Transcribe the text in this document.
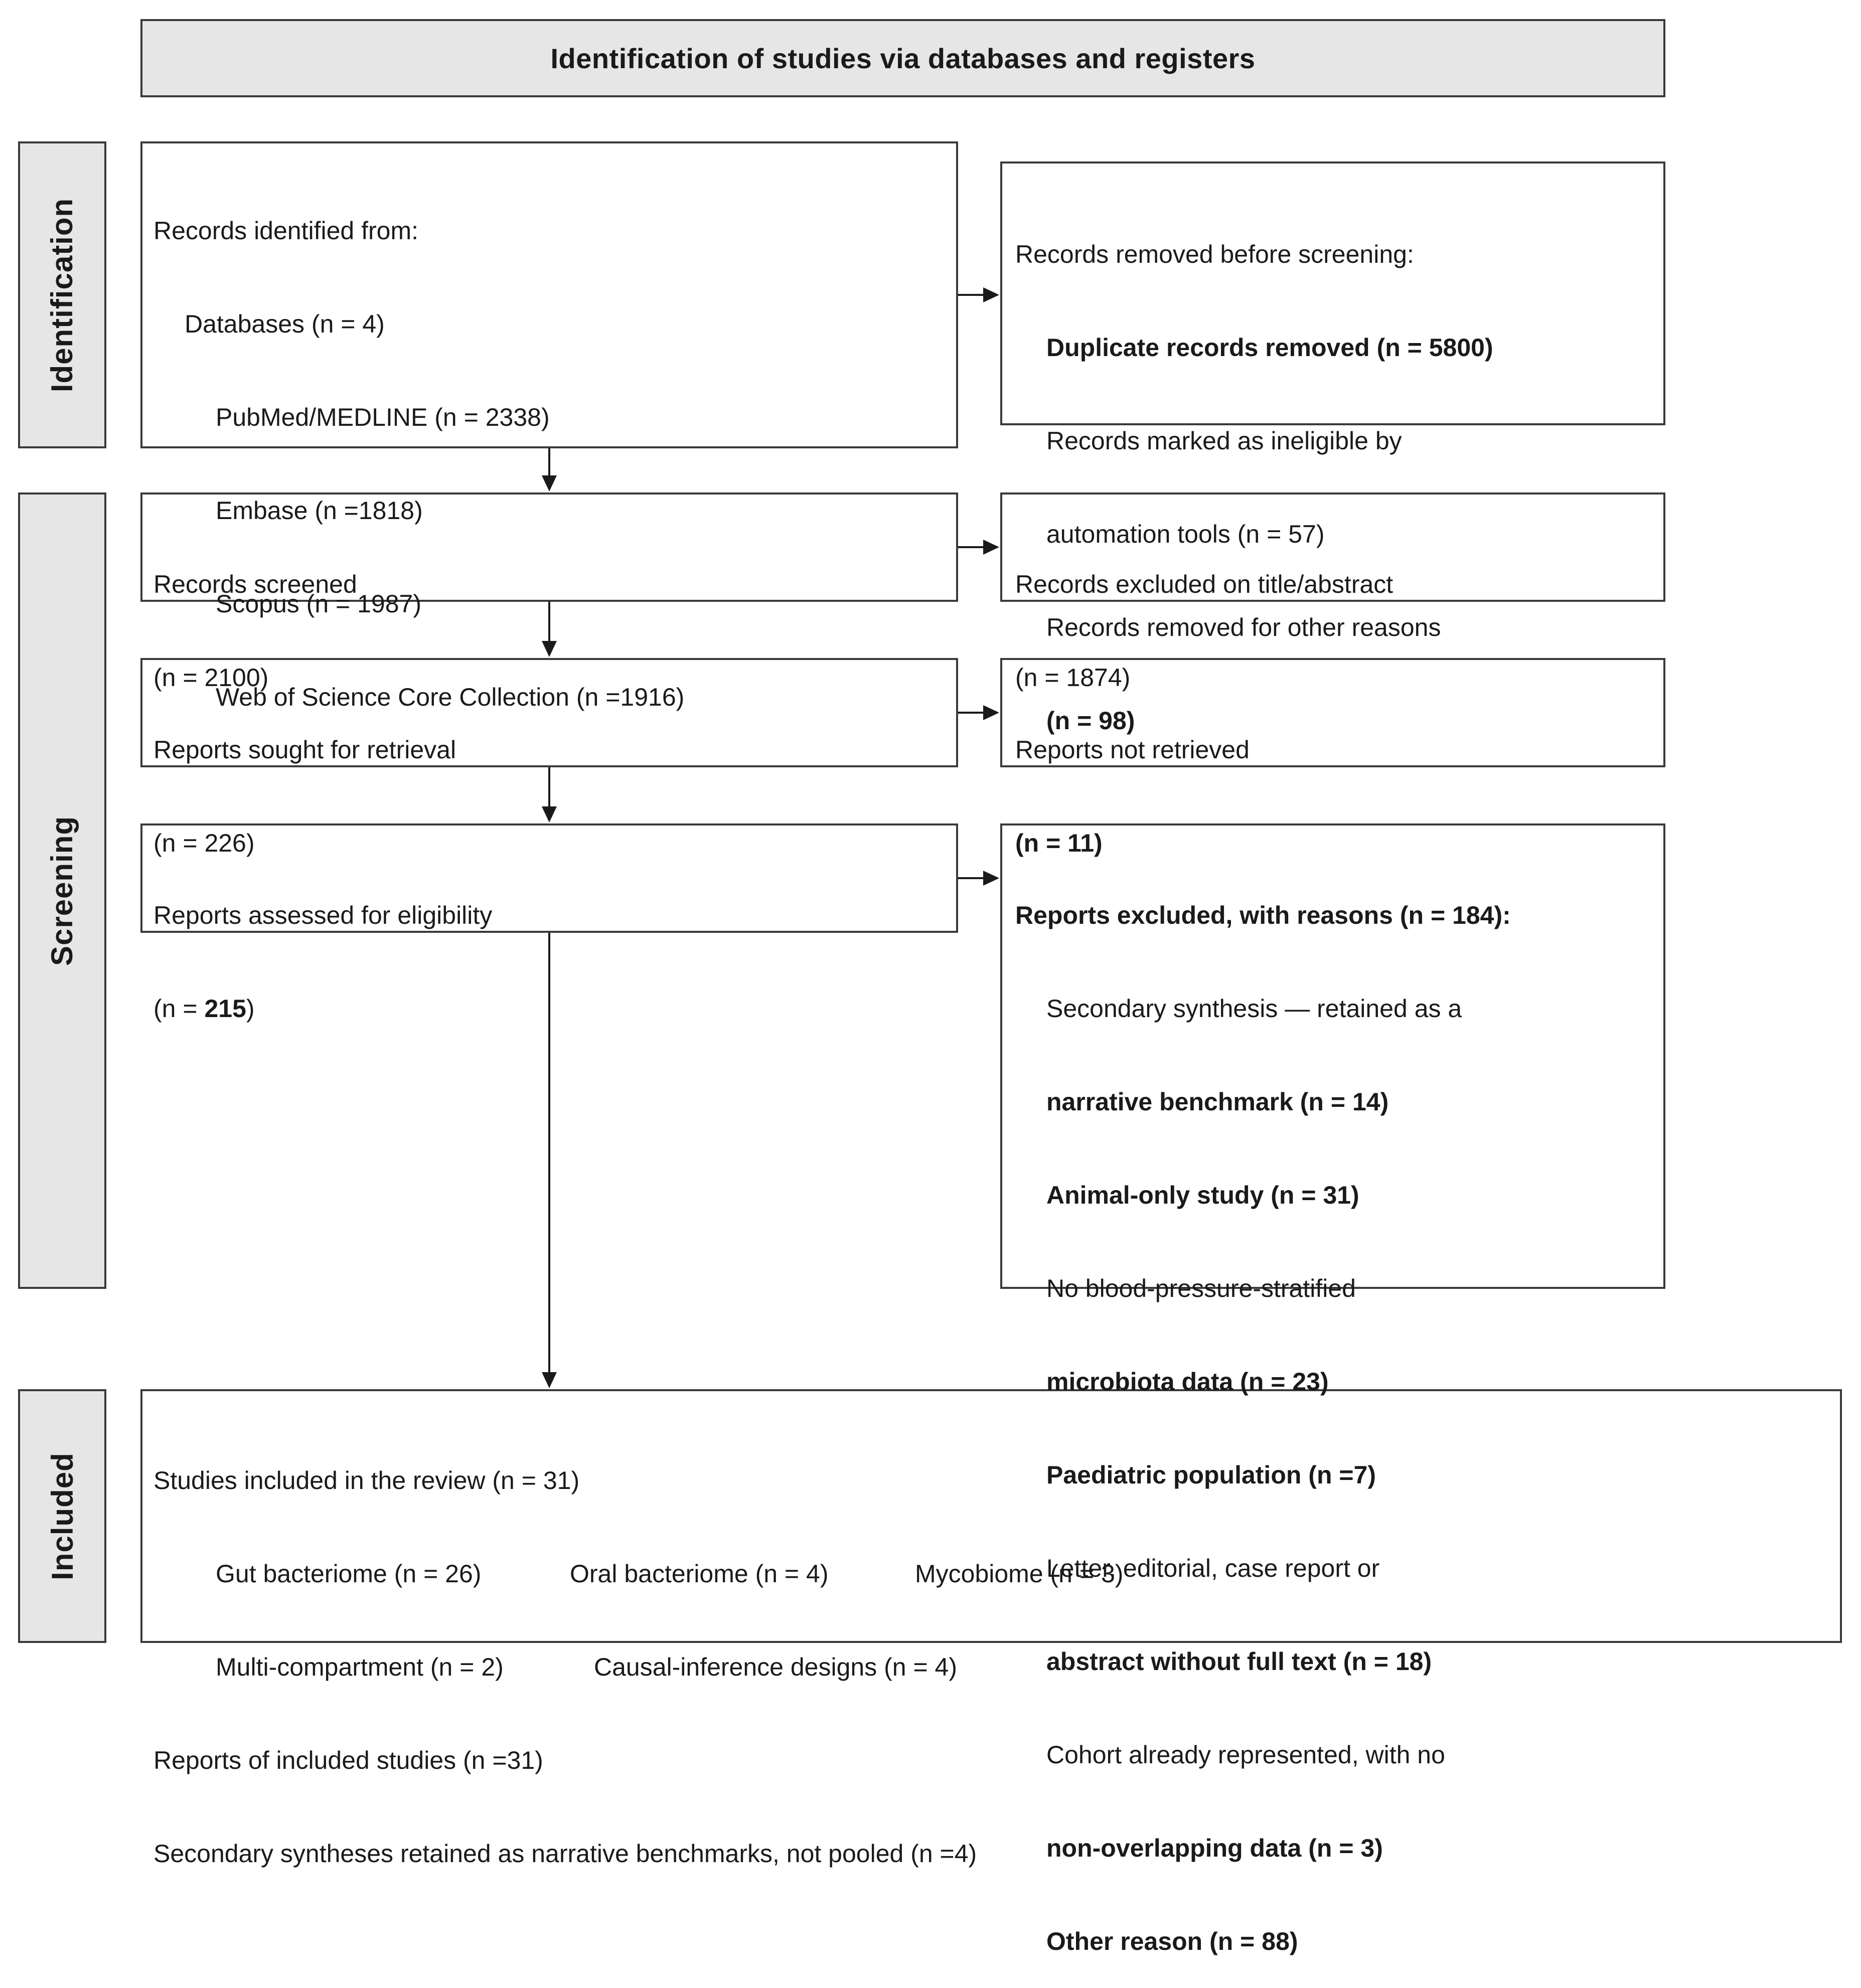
Identification of studies via databases and registers
Identification
Screening
Included

Records identified from:

Databases (n = 4)

PubMed/MEDLINE (n = 2338)

Embase (n =1818)

Scopus (n = 1987)

Web of Science Core Collection (n =1916)

Records removed before screening:

Duplicate records removed (n = 5800)

Records marked as ineligible by

automation tools (n = 57)

Records removed for other reasons

(n = 98)

Records screened

(n = 2100)

Records excluded on title/abstract

(n = 1874)

Reports sought for retrieval

(n = 226)

Reports not retrieved

(n = 11)

Reports assessed for eligibility

(n = 215)

Reports excluded, with reasons (n = 184):

Secondary synthesis — retained as a

narrative benchmark (n = 14)

Animal-only study (n = 31)

No blood-pressure-stratified

microbiota data (n = 23)

Paediatric population (n =7)

Letter, editorial, case report or

abstract without full text (n = 18)

Cohort already represented, with no

non-overlapping data (n = 3)

Other reason (n = 88)

Studies included in the review (n = 31)

Gut bacteriome (n = 26)	Oral bacteriome (n = 4)	Mycobiome (n = 3)

Multi-compartment (n = 2)	Causal-inference designs (n = 4)

Reports of included studies (n =31)

Secondary syntheses retained as narrative benchmarks, not pooled (n =4)
